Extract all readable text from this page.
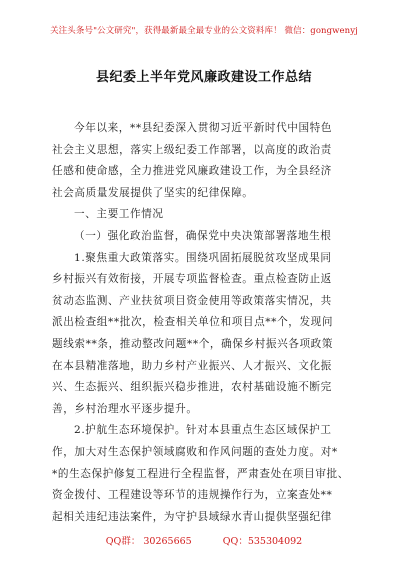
关注头条号"公文研究"，获得最新最全最专业的公文资料库！ 微信：gongwenyj
县纪委上半年党风廉政建设工作总结
今年以来，**县纪委深入贯彻习近平新时代中国特色
社会主义思想，落实上级纪委工作部署，以高度的政治责
任感和使命感，全力推进党风廉政建设工作，为全县经济
社会高质量发展提供了坚实的纪律保障。
一、主要工作情况
（一）强化政治监督，确保党中央决策部署落地生根
1.聚焦重大政策落实。围绕巩固拓展脱贫攻坚成果同
乡村振兴有效衔接，开展专项监督检查。重点检查防止返
贫动态监测、产业扶贫项目资金使用等政策落实情况，共
派出检查组**批次，检查相关单位和项目点**个，发现问
题线索**条，推动整改问题**个，确保乡村振兴各项政策
在本县精准落地，助力乡村产业振兴、人才振兴、文化振
兴、生态振兴、组织振兴稳步推进，农村基础设施不断完
善，乡村治理水平逐步提升。
2.护航生态环境保护。针对本县重点生态区域保护工
作，加大对生态保护领域腐败和作风问题的查处力度。对*
*的生态保护修复工程进行全程监督，严肃查处在项目审批、
资金拨付、工程建设等环节的违规操作行为，立案查处**
起相关违纪违法案件，为守护县域绿水青山提供坚强纪律
QQ群： 30265665	QQ：535304092
